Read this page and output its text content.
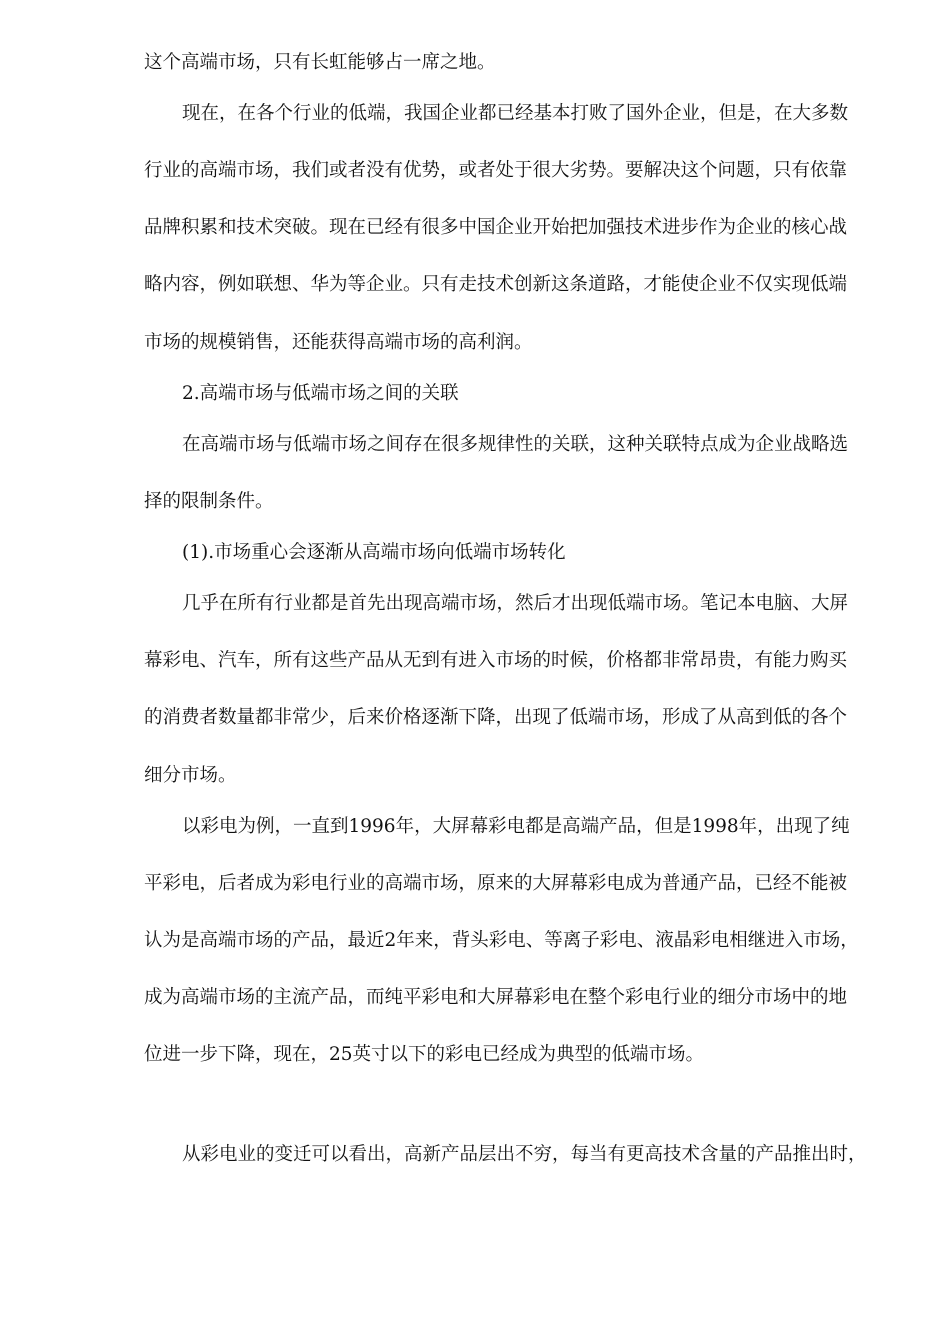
这个高端市场，只有长虹能够占一席之地。
现在，在各个行业的低端，我国企业都已经基本打败了国外企业，但是，在大多数
行业的高端市场，我们或者没有优势，或者处于很大劣势。要解决这个问题，只有依靠
品牌积累和技术突破。现在已经有很多中国企业开始把加强技术进步作为企业的核心战
略内容，例如联想、华为等企业。只有走技术创新这条道路，才能使企业不仅实现低端
市场的规模销售，还能获得高端市场的高利润。
2.高端市场与低端市场之间的关联
在高端市场与低端市场之间存在很多规律性的关联，这种关联特点成为企业战略选
择的限制条件。
(1).市场重心会逐渐从高端市场向低端市场转化
几乎在所有行业都是首先出现高端市场，然后才出现低端市场。笔记本电脑、大屏
幕彩电、汽车，所有这些产品从无到有进入市场的时候，价格都非常昂贵，有能力购买
的消费者数量都非常少，后来价格逐渐下降，出现了低端市场，形成了从高到低的各个
细分市场。
以彩电为例，一直到1996年，大屏幕彩电都是高端产品，但是1998年，出现了纯
平彩电，后者成为彩电行业的高端市场，原来的大屏幕彩电成为普通产品，已经不能被
认为是高端市场的产品，最近2年来，背头彩电、等离子彩电、液晶彩电相继进入市场，
成为高端市场的主流产品，而纯平彩电和大屏幕彩电在整个彩电行业的细分市场中的地
位进一步下降，现在，25英寸以下的彩电已经成为典型的低端市场。
从彩电业的变迁可以看出，高新产品层出不穷，每当有更高技术含量的产品推出时，
